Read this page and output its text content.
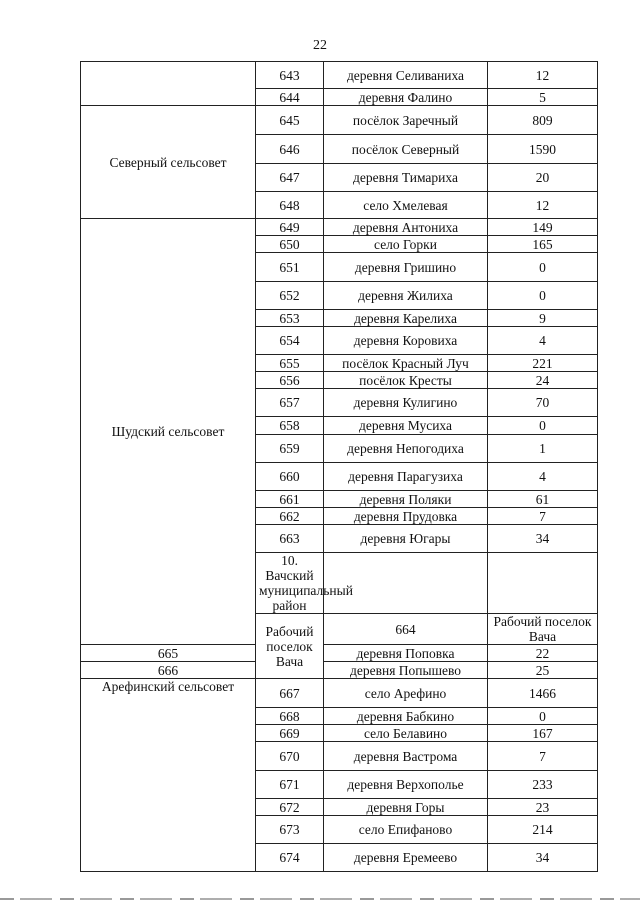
22
	643	деревня Селиваниха	12	
	644	деревня Фалино	5	
Северный сельсовет	645	посёлок Заречный	809	
	646	посёлок Северный	1590	
	647	деревня Тимариха	20	
	648	село Хмелевая	12	
Шудский сельсовет	649	деревня Антониха	149	
	650	село Горки	165	
	651	деревня Гришино	0	
	652	деревня Жилиха	0	
	653	деревня Карелиха	9	
	654	деревня Коровиха	4	
	655	посёлок Красный Луч	221	
	656	посёлок Кресты	24	
	657	деревня Кулигино	70	
	658	деревня Мусиха	0	
	659	деревня Непогодиха	1	
	660	деревня Парагузиха	4	
	661	деревня Поляки	61	
	662	деревня Прудовка	7	
	663	деревня Югары	34	
	10. Вачский муниципальный район			
	Рабочий поселок Вача	664	Рабочий поселок Вача	
665		деревня Поповка	22	
666		деревня Попышево	25	
Арефинский сельсовет	667	село Арефино	1466	
	668	деревня Бабкино	0	
	669	село Белавино	167	
	670	деревня Вастрома	7	
	671	деревня Верхополье	233	
	672	деревня Горы	23	
	673	село Епифаново	214	
	674	деревня Еремеево	34	
